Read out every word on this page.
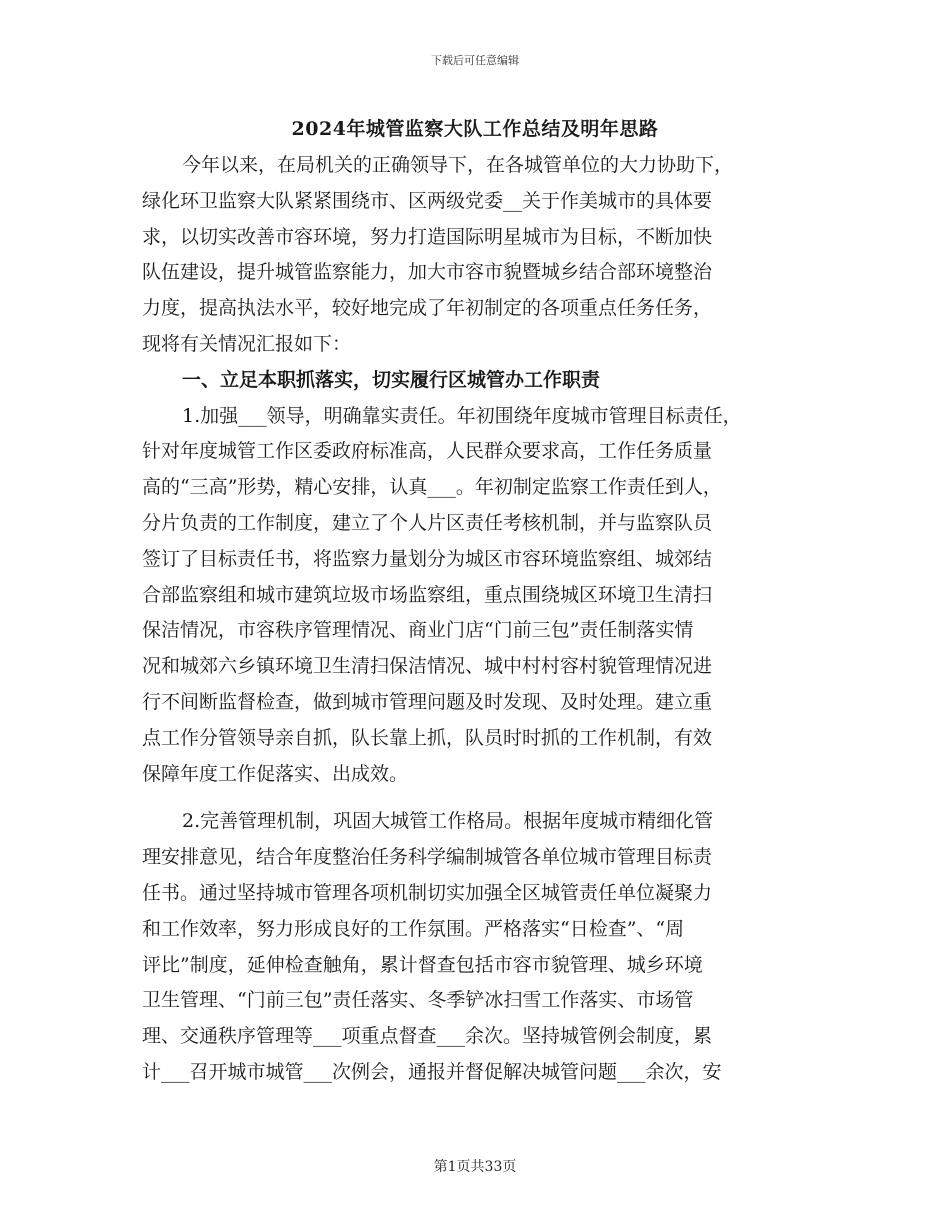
下载后可任意编辑
2024年城管监察大队工作总结及明年思路
今年以来，在局机关的正确领导下，在各城管单位的大力协助下，
绿化环卫监察大队紧紧围绕市、区两级党委__关于作美城市的具体要
求，以切实改善市容环境，努力打造国际明星城市为目标，不断加快
队伍建设，提升城管监察能力，加大市容市貌暨城乡结合部环境整治
力度，提高执法水平，较好地完成了年初制定的各项重点任务任务，
现将有关情况汇报如下：
一、立足本职抓落实，切实履行区城管办工作职责
1.加强___领导，明确靠实责任。年初围绕年度城市管理目标责任，
针对年度城管工作区委政府标准高，人民群众要求高，工作任务质量
高的“三高”形势，精心安排，认真___。年初制定监察工作责任到人，
分片负责的工作制度，建立了个人片区责任考核机制，并与监察队员
签订了目标责任书，将监察力量划分为城区市容环境监察组、城郊结
合部监察组和城市建筑垃圾市场监察组，重点围绕城区环境卫生清扫
保洁情况，市容秩序管理情况、商业门店“门前三包”责任制落实情
况和城郊六乡镇环境卫生清扫保洁情况、城中村村容村貌管理情况进
行不间断监督检查，做到城市管理问题及时发现、及时处理。建立重
点工作分管领导亲自抓，队长靠上抓，队员时时抓的工作机制，有效
保障年度工作促落实、出成效。
2.完善管理机制，巩固大城管工作格局。根据年度城市精细化管
理安排意见，结合年度整治任务科学编制城管各单位城市管理目标责
任书。通过坚持城市管理各项机制切实加强全区城管责任单位凝聚力
和工作效率，努力形成良好的工作氛围。严格落实“日检查”、“周
评比”制度，延伸检查触角，累计督查包括市容市貌管理、城乡环境
卫生管理、“门前三包”责任落实、冬季铲冰扫雪工作落实、市场管
理、交通秩序管理等___项重点督查___余次。坚持城管例会制度，累
计___召开城市城管___次例会，通报并督促解决城管问题___余次，安
第1页共33页
